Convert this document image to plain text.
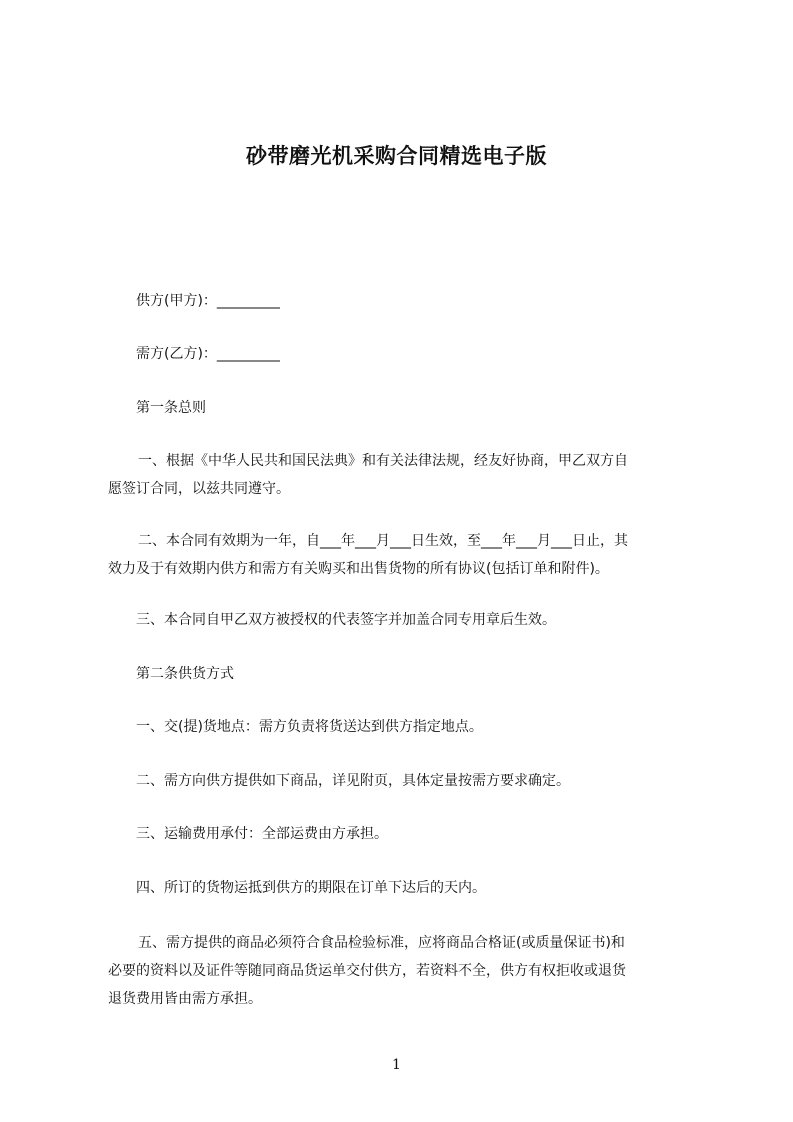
砂带磨光机采购合同精选电子版

供方(甲方)：_________

需方(乙方)：_________

第一条总则

一、根据《中华人民共和国民法典》和有关法律法规，经友好协商，甲乙双方自
愿签订合同，以兹共同遵守。
二、本合同有效期为一年，自___年___月___日生效，至___年___月___日止，其
效力及于有效期内供方和需方有关购买和出售货物的所有协议(包括订单和附件)。

三、本合同自甲乙双方被授权的代表签字并加盖合同专用章后生效。

第二条供货方式

一、交(提)货地点：需方负责将货送达到供方指定地点。

二、需方向供方提供如下商品，详见附页，具体定量按需方要求确定。

三、运输费用承付：全部运费由方承担。

四、所订的货物运抵到供方的期限在订单下达后的天内。

五、需方提供的商品必须符合食品检验标准，应将商品合格证(或质量保证书)和
必要的资料以及证件等随同商品货运单交付供方，若资料不全，供方有权拒收或退货
退货费用皆由需方承担。

1
